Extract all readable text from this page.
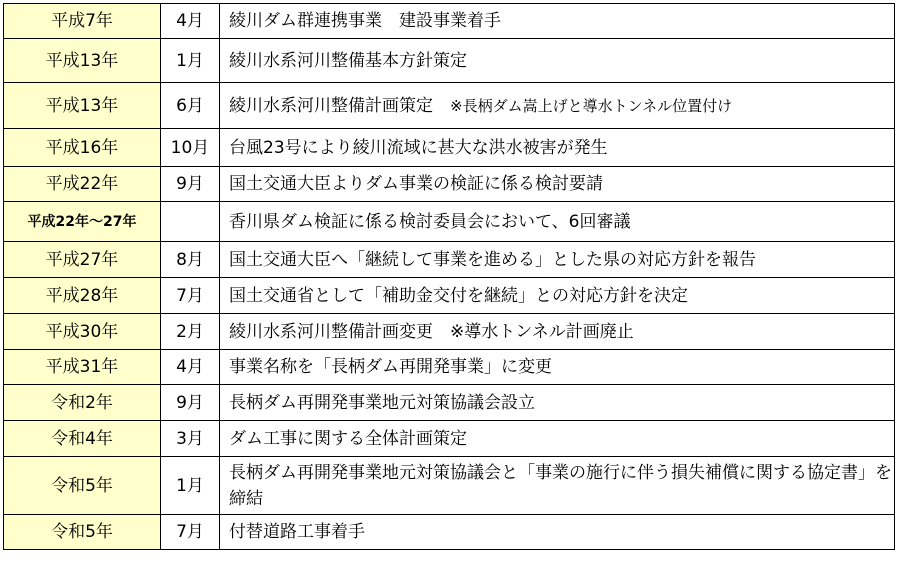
平成7年	4月	綾川ダム群連携事業　建設事業着手
平成13年	1月	綾川水系河川整備基本方針策定
平成13年	6月	綾川水系河川整備計画策定　 ※長柄ダム嵩上げと導水トンネル位置付け
平成16年	10月	台風23号により綾川流域に甚大な洪水被害が発生
平成22年	9月	国土交通大臣よりダム事業の検証に係る検討要請
平成22年～27年		香川県ダム検証に係る検討委員会において、6回審議
平成27年	8月	国土交通大臣へ「継続して事業を進める」とした県の対応方針を報告
平成28年	7月	国土交通省として「補助金交付を継続」との対応方針を決定
平成30年	2月	綾川水系河川整備計画変更　※導水トンネル計画廃止
平成31年	4月	事業名称を「長柄ダム再開発事業」に変更
令和2年	9月	長柄ダム再開発事業地元対策協議会設立
令和4年	3月	ダム工事に関する全体計画策定
令和5年	1月	長柄ダム再開発事業地元対策協議会と「事業の施行に伴う損失補償に関する協定書」を締結
令和5年	7月	付替道路工事着手
